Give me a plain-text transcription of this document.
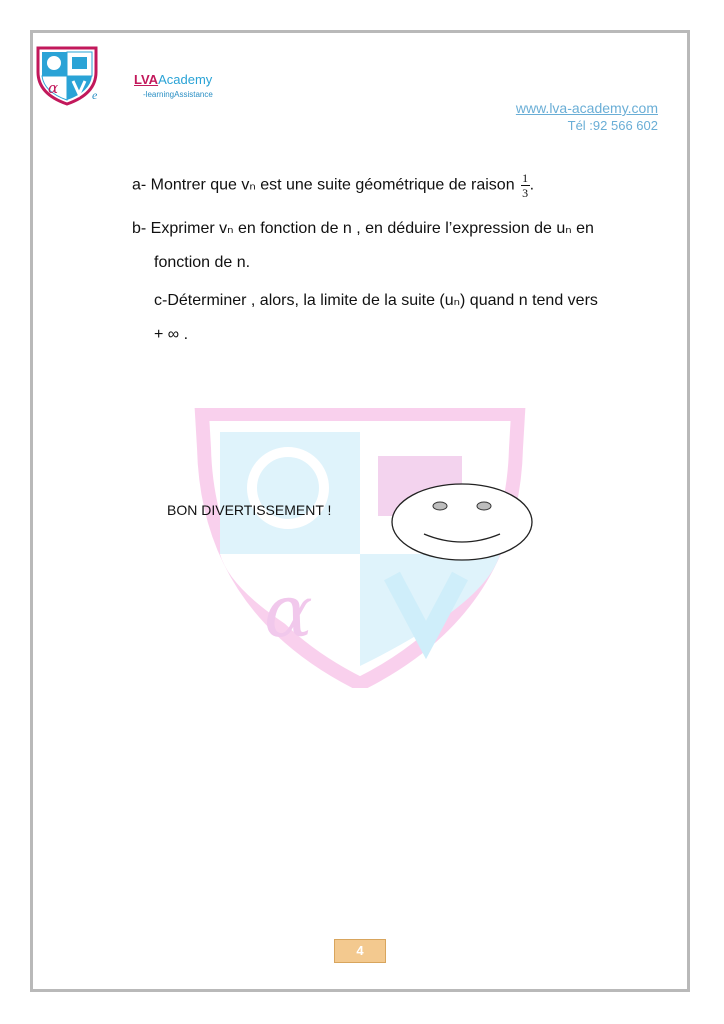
α	e
LVAAcademy
-learningAssistance
www.lva-academy.com
Tél :92 566 602
α
a- Montrer que vₙ est une suite géométrique de raison $\frac{1}{3}$ .
b- Exprimer vₙ en fonction de n , en déduire l’expression de uₙ en
fonction de n.
c-Déterminer , alors, la limite de la suite (uₙ) quand n tend vers
+ ∞ .
BON DIVERTISSEMENT !
4
